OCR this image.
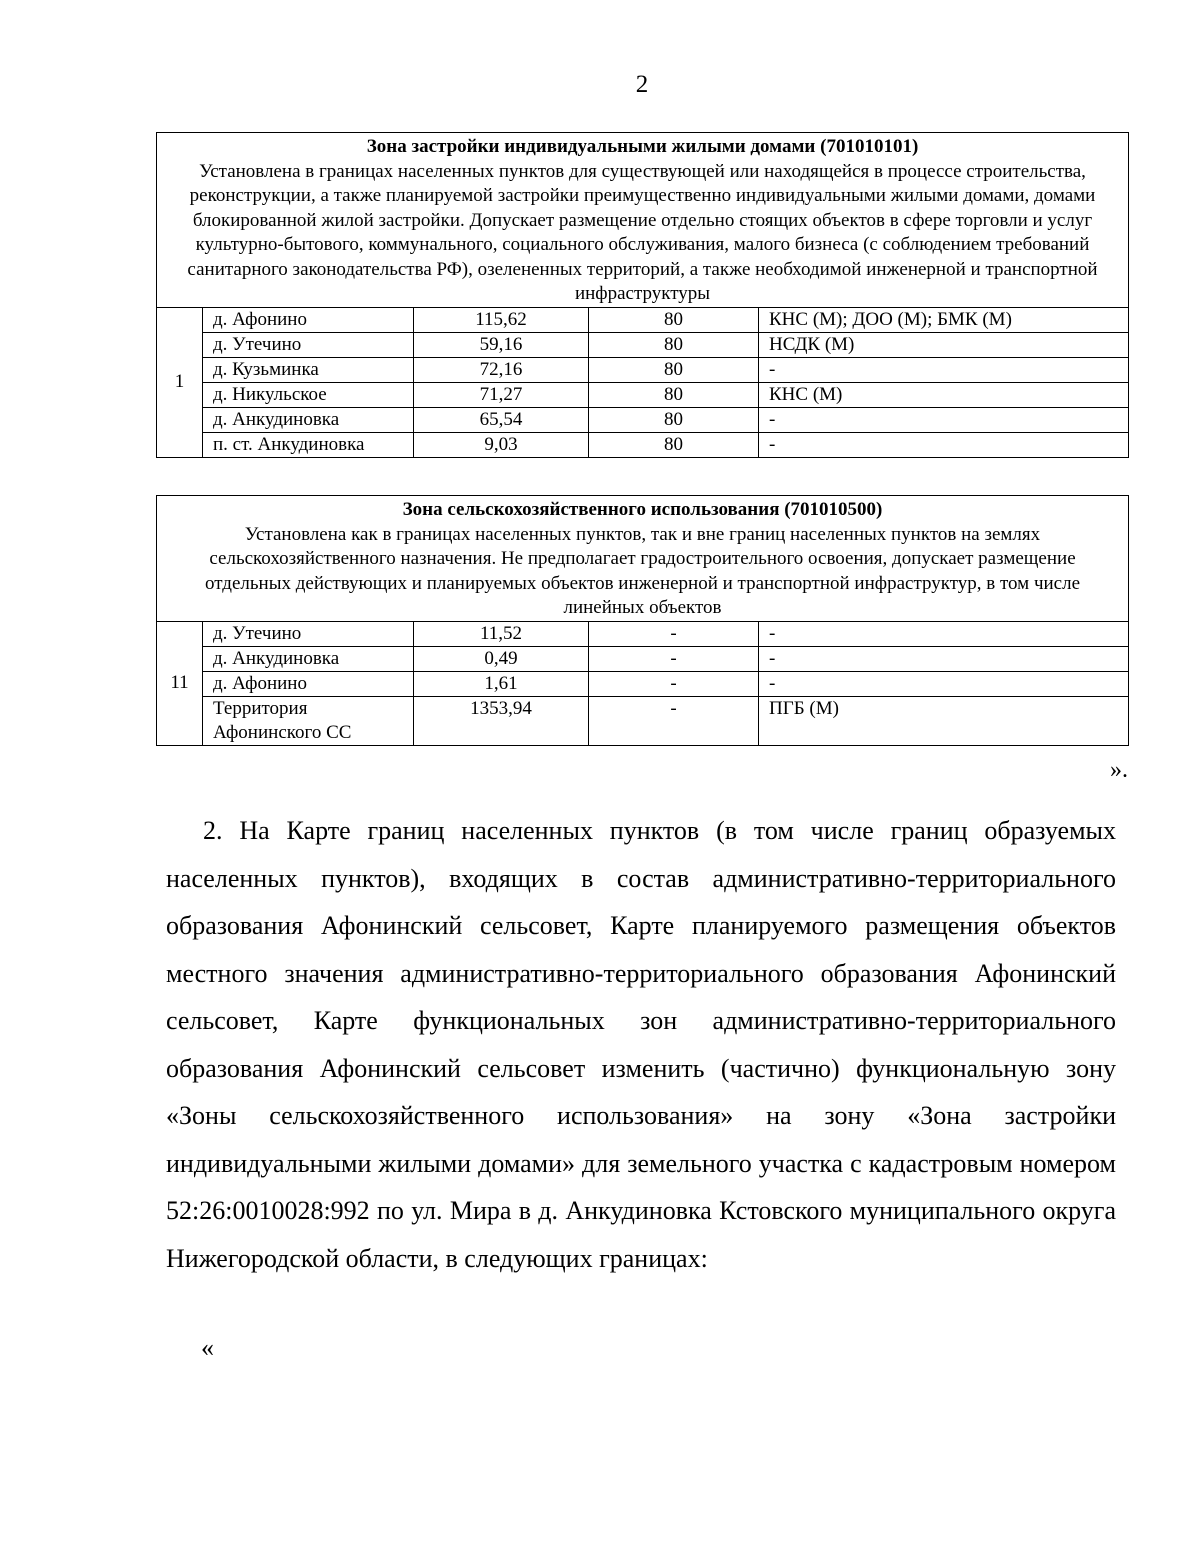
2
Зона застройки индивидуальными жилыми домами (701010101)
Установлена в границах населенных пунктов для существующей или находящейся в процессе строительства, реконструкции, а также планируемой застройки преимущественно индивидуальными жилыми домами, домами блокированной жилой застройки. Допускает размещение отдельно стоящих объектов в сфере торговли и услуг культурно-бытового, коммунального, социального обслуживания, малого бизнеса (с соблюдением требований санитарного законодательства РФ), озелененных территорий, а также необходимой инженерной и транспортной инфраструктуры				

1	д. Афонино	115,62	80	КНС (М); ДОО (М); БМК (М)
	д. Утечино	59,16	80	НСДК (М)
	д. Кузьминка	72,16	80	-
	д. Никульское	71,27	80	КНС (М)
	д. Анкудиновка	65,54	80	-
	п. ст. Анкудиновка	9,03	80	-
Зона сельскохозяйственного использования (701010500)
Установлена как в границах населенных пунктов, так и вне границ населенных пунктов на землях сельскохозяйственного назначения. Не предполагает градостроительного освоения, допускает размещение отдельных действующих и планируемых объектов инженерной и транспортной инфраструктур, в том числе линейных объектов				

11	д. Утечино	11,52	-	-
	д. Анкудиновка	0,49	-	-
	д. Афонино	1,61	-	-
	Территория Афонинского СС	1353,94	-	ПГБ (М)
».
2. На Карте границ населенных пунктов (в том числе границ образуемых населенных пунктов), входящих в состав административно-территориального образования Афонинский сельсовет, Карте планируемого размещения объектов местного значения административно-территориального образования Афонинский сельсовет, Карте функциональных зон административно-территориального образования Афонинский сельсовет изменить (частично) функциональную зону «Зоны сельскохозяйственного использования» на зону «Зона застройки индивидуальными жилыми домами» для земельного участка с кадастровым номером 52:26:0010028:992 по ул. Мира в д. Анкудиновка Кстовского муниципального округа Нижегородской области, в следующих границах:
«
